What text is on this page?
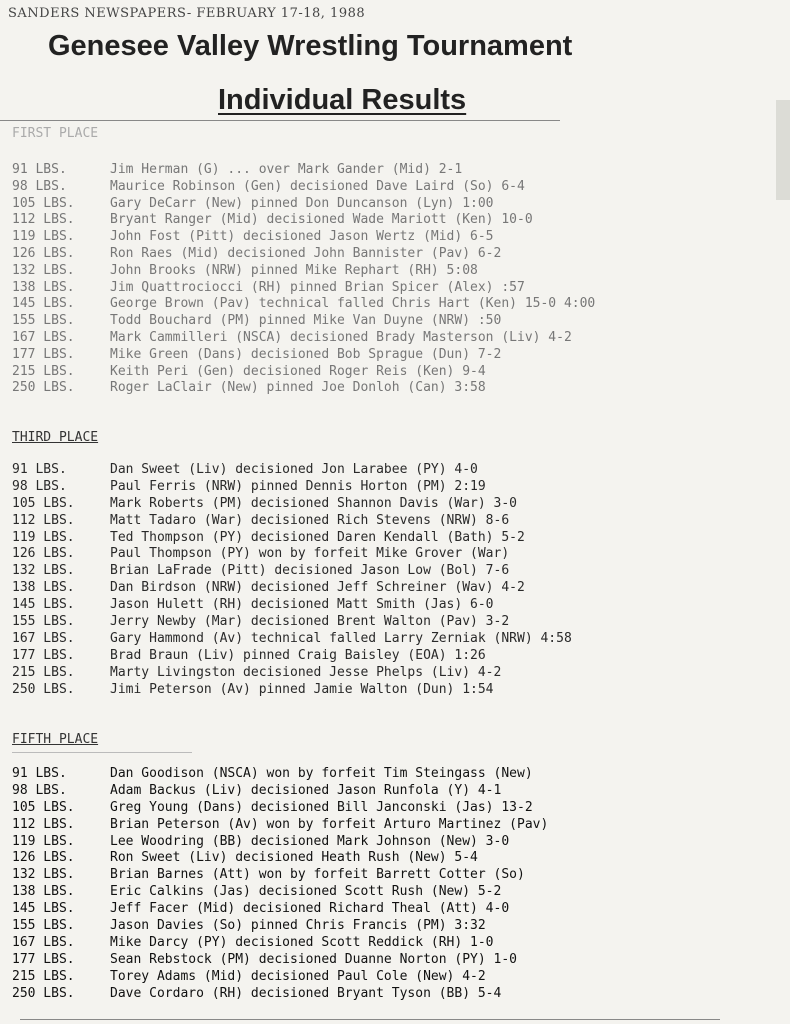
SANDERS NEWSPAPERS- FEBRUARY 17-18, 1988
Genesee Valley Wrestling Tournament
Individual Results
FIRST PLACE
91 LBS.	Jim Herman (G) ... over Mark Gander (Mid) 2-1
98 LBS.	Maurice Robinson (Gen) decisioned Dave Laird (So) 6-4
105 LBS.	Gary DeCarr (New) pinned Don Duncanson (Lyn) 1:00
112 LBS.	Bryant Ranger (Mid) decisioned Wade Mariott (Ken) 10-0
119 LBS.	John Fost (Pitt) decisioned Jason Wertz (Mid) 6-5
126 LBS.	Ron Raes (Mid) decisioned John Bannister (Pav) 6-2
132 LBS.	John Brooks (NRW) pinned Mike Rephart (RH) 5:08
138 LBS.	Jim Quattrociocci (RH) pinned Brian Spicer (Alex) :57
145 LBS.	George Brown (Pav) technical falled Chris Hart (Ken) 15-0 4:00
155 LBS.	Todd Bouchard (PM) pinned Mike Van Duyne (NRW) :50
167 LBS.	Mark Cammilleri (NSCA) decisioned Brady Masterson (Liv) 4-2
177 LBS.	Mike Green (Dans) decisioned Bob Sprague (Dun) 7-2
215 LBS.	Keith Peri (Gen) decisioned Roger Reis (Ken) 9-4
250 LBS.	Roger LaClair (New) pinned Joe Donloh (Can) 3:58
THIRD PLACE
91 LBS.	Dan Sweet (Liv) decisioned Jon Larabee (PY) 4-0
98 LBS.	Paul Ferris (NRW) pinned Dennis Horton (PM) 2:19
105 LBS.	Mark Roberts (PM) decisioned Shannon Davis (War) 3-0
112 LBS.	Matt Tadaro (War) decisioned Rich Stevens (NRW) 8-6
119 LBS.	Ted Thompson (PY) decisioned Daren Kendall (Bath) 5-2
126 LBS.	Paul Thompson (PY) won by forfeit Mike Grover (War)
132 LBS.	Brian LaFrade (Pitt) decisioned Jason Low (Bol) 7-6
138 LBS.	Dan Birdson (NRW) decisioned Jeff Schreiner (Wav) 4-2
145 LBS.	Jason Hulett (RH) decisioned Matt Smith (Jas) 6-0
155 LBS.	Jerry Newby (Mar) decisioned Brent Walton (Pav) 3-2
167 LBS.	Gary Hammond (Av) technical falled Larry Zerniak (NRW) 4:58
177 LBS.	Brad Braun (Liv) pinned Craig Baisley (EOA) 1:26
215 LBS.	Marty Livingston decisioned Jesse Phelps (Liv) 4-2
250 LBS.	Jimi Peterson (Av) pinned Jamie Walton (Dun) 1:54
FIFTH PLACE
91 LBS.	Dan Goodison (NSCA) won by forfeit Tim Steingass (New)
98 LBS.	Adam Backus (Liv) decisioned Jason Runfola (Y) 4-1
105 LBS.	Greg Young (Dans) decisioned Bill Janconski (Jas) 13-2
112 LBS.	Brian Peterson (Av) won by forfeit Arturo Martinez (Pav)
119 LBS.	Lee Woodring (BB) decisioned Mark Johnson (New) 3-0
126 LBS.	Ron Sweet (Liv) decisioned Heath Rush (New) 5-4
132 LBS.	Brian Barnes (Att) won by forfeit Barrett Cotter (So)
138 LBS.	Eric Calkins (Jas) decisioned Scott Rush (New) 5-2
145 LBS.	Jeff Facer (Mid) decisioned Richard Theal (Att) 4-0
155 LBS.	Jason Davies (So) pinned Chris Francis (PM) 3:32
167 LBS.	Mike Darcy (PY) decisioned Scott Reddick (RH) 1-0
177 LBS.	Sean Rebstock (PM) decisioned Duanne Norton (PY) 1-0
215 LBS.	Torey Adams (Mid) decisioned Paul Cole (New) 4-2
250 LBS.	Dave Cordaro (RH) decisioned Bryant Tyson (BB) 5-4
